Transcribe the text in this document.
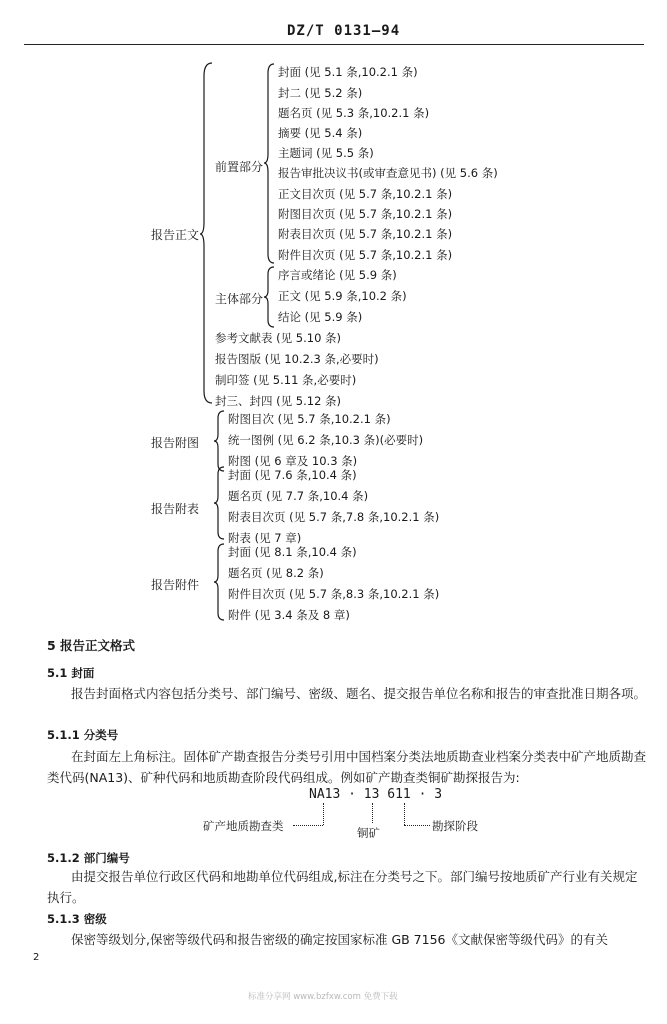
DZ/T 0131—94
报告正文
前置部分
封面 (见 5.1 条,10.2.1 条)
封二 (见 5.2 条)
题名页 (见 5.3 条,10.2.1 条)
摘要 (见 5.4 条)
主题词 (见 5.5 条)
报告审批决议书(或审查意见书) (见 5.6 条)
正文目次页 (见 5.7 条,10.2.1 条)
附图目次页 (见 5.7 条,10.2.1 条)
附表目次页 (见 5.7 条,10.2.1 条)
附件目次页 (见 5.7 条,10.2.1 条)
主体部分
序言或绪论 (见 5.9 条)
正文 (见 5.9 条,10.2 条)
结论 (见 5.9 条)
参考文献表 (见 5.10 条)
报告图版 (见 10.2.3 条,必要时)
制印签 (见 5.11 条,必要时)
封三、封四 (见 5.12 条)
报告附图
附图目次 (见 5.7 条,10.2.1 条)
统一图例 (见 6.2 条,10.3 条)(必要时)
附图 (见 6 章及 10.3 条)
报告附表
封面 (见 7.6 条,10.4 条)
题名页 (见 7.7 条,10.4 条)
附表目次页 (见 5.7 条,7.8 条,10.2.1 条)
附表 (见 7 章)
报告附件
封面 (见 8.1 条,10.4 条)
题名页 (见 8.2 条)
附件目次页 (见 5.7 条,8.3 条,10.2.1 条)
附件 (见 3.4 条及 8 章)
5 报告正文格式
5.1 封面
报告封面格式内容包括分类号、部门编号、密级、题名、提交报告单位名称和报告的审查批准日期各项。
5.1.1 分类号
在封面左上角标注。固体矿产勘查报告分类号引用中国档案分类法地质勘查业档案分类表中矿产地质勘查类代码(NA13)、矿种代码和地质勘查阶段代码组成。例如矿产勘查类铜矿勘探报告为:
NA13 · 13 611 · 3
矿产地质勘查类	铜矿	勘探阶段
5.1.2 部门编号
由提交报告单位行政区代码和地勘单位代码组成,标注在分类号之下。部门编号按地质矿产行业有关规定执行。
5.1.3 密级
保密等级划分,保密等级代码和报告密级的确定按国家标准 GB 7156《文献保密等级代码》的有关
2
标准分享网 www.bzfxw.com 免费下载
